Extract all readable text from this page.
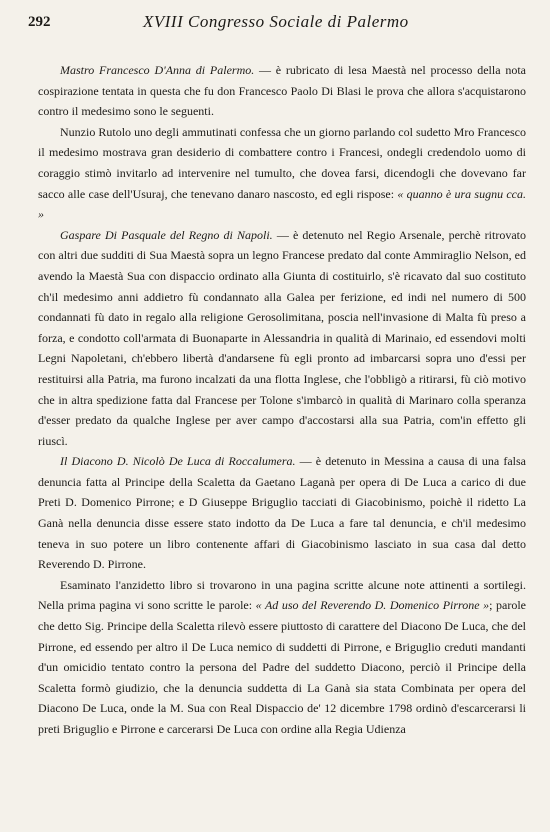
292	XVIII Congresso Sociale di Palermo

Mastro Francesco D'Anna di Palermo. — è rubricato di lesa Maestà nel processo della nota cospirazione tentata in questa che fu don Francesco Paolo Di Blasi le prova che allora s'acquistarono contro il medesimo sono le seguenti.

Nunzio Rutolo uno degli ammutinati confessa che un giorno parlando col sudetto Mro Francesco il medesimo mostrava gran desiderio di combattere contro i Francesi, ondegli credendolo uomo di coraggio stimò invitarlo ad intervenire nel tumulto, che dovea farsi, dicendogli che dovevano far sacco alle case dell'Usuraj, che tenevano danaro nascosto, ed egli rispose: « quanno è ura sugnu cca. »

Gaspare Di Pasquale del Regno di Napoli. — è detenuto nel Regio Arsenale, perchè ritrovato con altri due sudditi di Sua Maestà sopra un legno Francese predato dal conte Ammiraglio Nelson, ed avendo la Maestà Sua con dispaccio ordinato alla Giunta di costituirlo, s'è ricavato dal suo costituto ch'il medesimo anni addietro fù condannato alla Galea per ferizione, ed indi nel numero di 500 condannati fù dato in regalo alla religione Gerosolimitana, poscia nell'invasione di Malta fù preso a forza, e condotto coll'armata di Buonaparte in Alessandria in qualità di Marinaio, ed essendovi molti Legni Napoletani, ch'ebbero libertà d'andarsene fù egli pronto ad imbarcarsi sopra uno d'essi per restituirsi alla Patria, ma furono incalzati da una flotta Inglese, che l'obbligò a ritirarsi, fù ciò motivo che in altra spedizione fatta dal Francese per Tolone s'imbarcò in qualità di Marinaro colla speranza d'esser predato da qualche Inglese per aver campo d'accostarsi alla sua Patria, com'in effetto gli riuscì.

Il Diacono D. Nicolò De Luca di Roccalumera. — è detenuto in Messina a causa di una falsa denuncia fatta al Principe della Scaletta da Gaetano Laganà per opera di De Luca a carico di due Preti D. Domenico Pirrone; e D Giuseppe Briguglio tacciati di Giacobinismo, poichè il ridetto La Ganà nella denuncia disse essere stato indotto da De Luca a fare tal denuncia, e ch'il medesimo teneva in suo potere un libro contenente affari di Giacobinismo lasciato in sua casa dal detto Reverendo D. Pirrone.

Esaminato l'anzidetto libro si trovarono in una pagina scritte alcune note attinenti a sortilegi. Nella prima pagina vi sono scritte le parole: « Ad uso del Reverendo D. Domenico Pirrone »; parole che detto Sig. Principe della Scaletta rilevò essere piuttosto di carattere del Diacono De Luca, che del Pirrone, ed essendo per altro il De Luca nemico di suddetti di Pirrone, e Briguglio creduti mandanti d'un omicidio tentato contro la persona del Padre del suddetto Diacono, perciò il Principe della Scaletta formò giudizio, che la denuncia suddetta di La Ganà sia stata Combinata per opera del Diacono De Luca, onde la M. Sua con Real Dispaccio de' 12 dicembre 1798 ordinò d'escarcerarsi li preti Briguglio e Pirrone e carcerarsi De Luca con ordine alla Regia Udienza
